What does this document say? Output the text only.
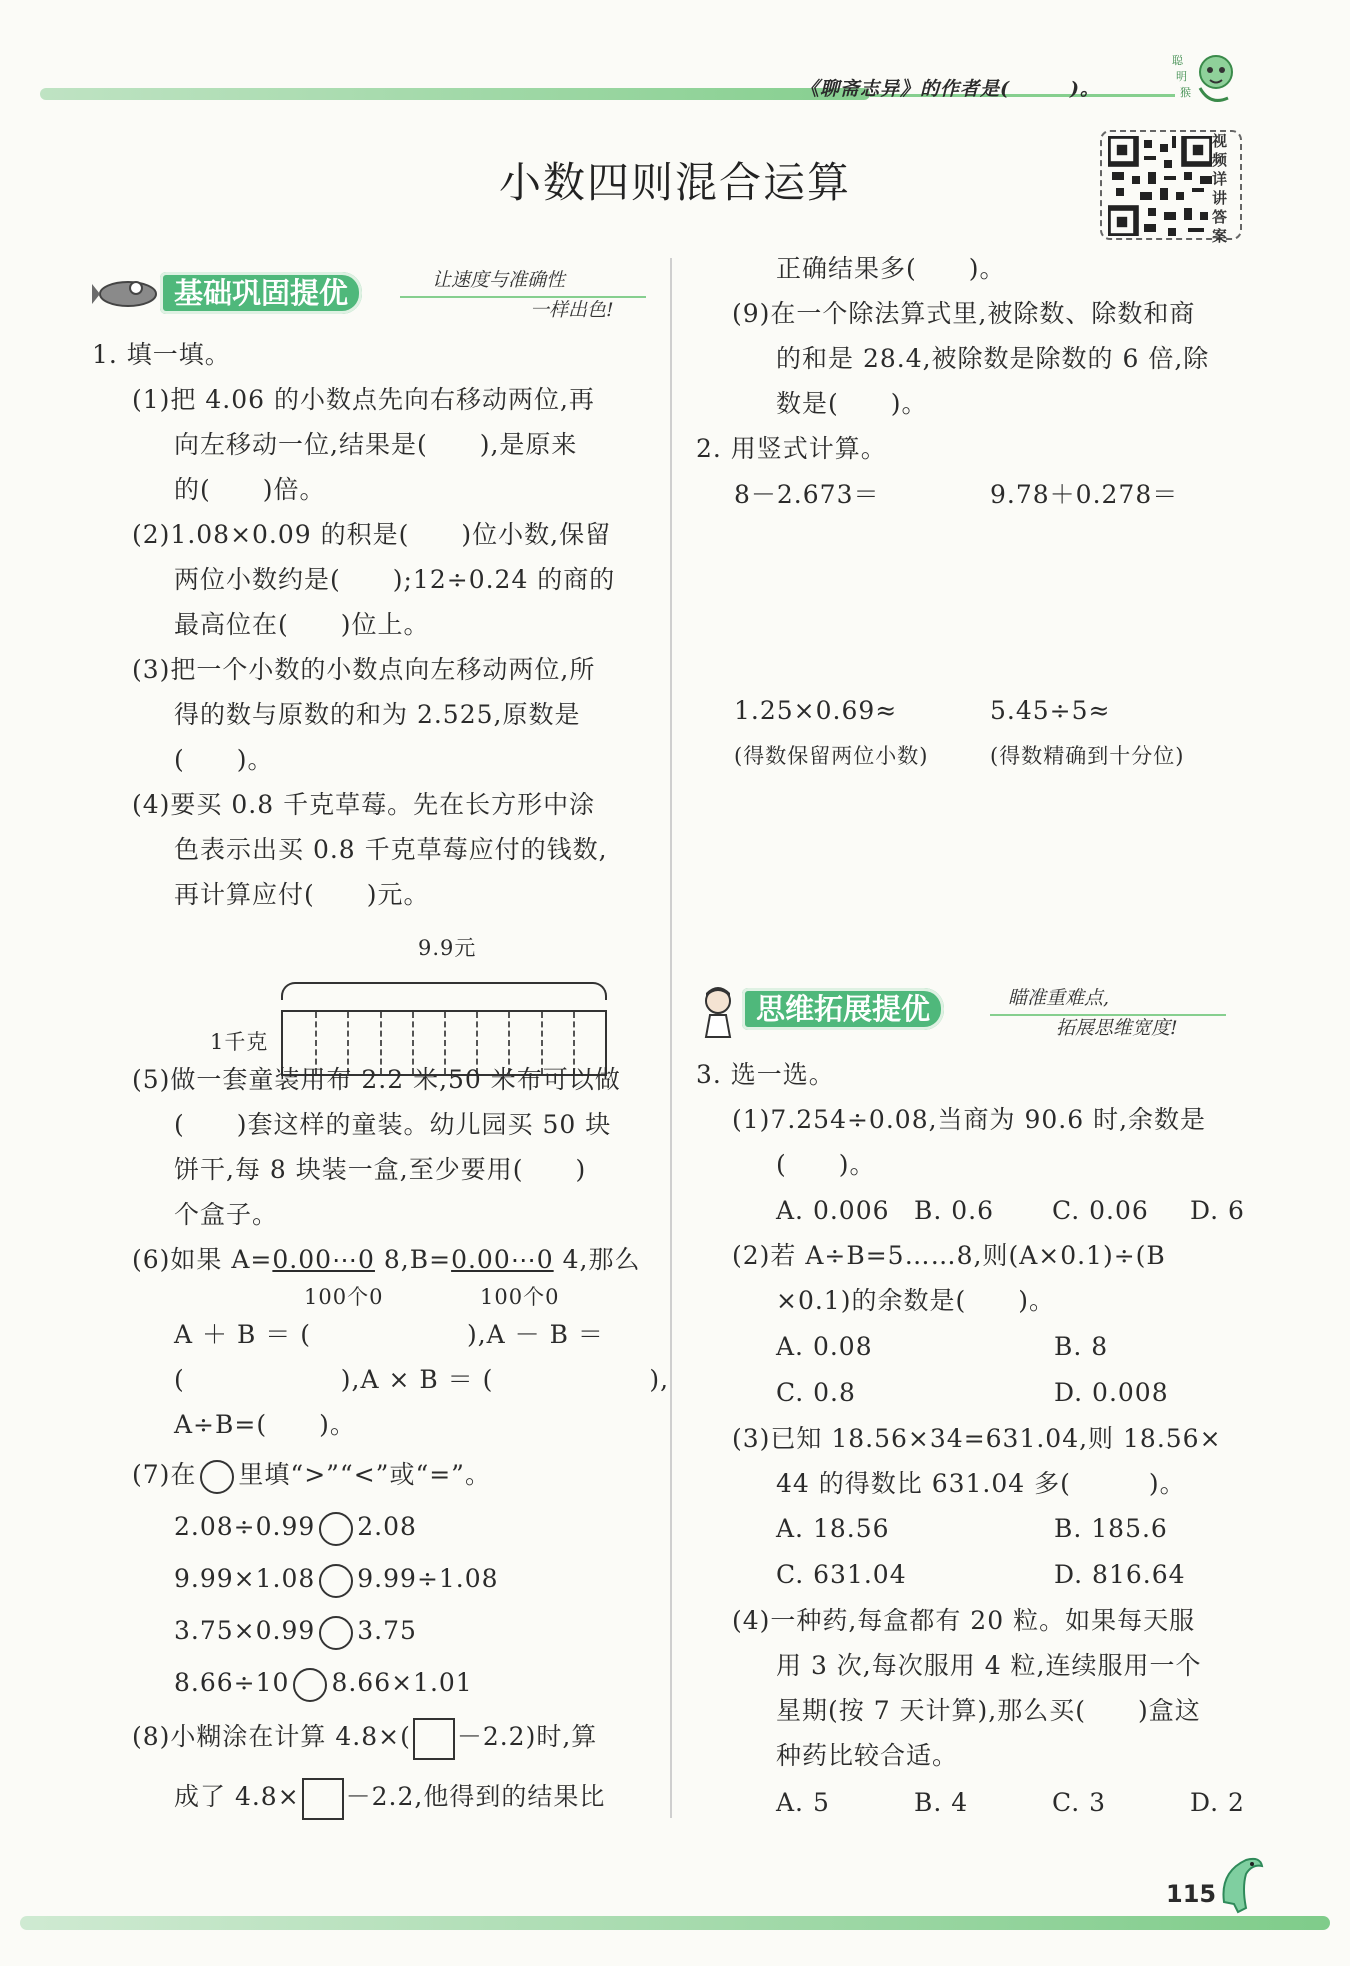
《聊斋志异》的作者是(　　　)。
聪
明
猴
小数四则混合运算
视频详讲答案
基础巩固提优	让速度与准确性
一样出色!
1. 填一填。
(1)把 4.06 的小数点先向右移动两位,再
向左移动一位,结果是(　　),是原来
的(　　)倍。
(2)1.08×0.09 的积是(　　)位小数,保留
两位小数约是(　　);12÷0.24 的商的
最高位在(　　)位上。
(3)把一个小数的小数点向左移动两位,所
得的数与原数的和为 2.525,原数是
(　　)。
(4)要买 0.8 千克草莓。先在长方形中涂
色表示出买 0.8 千克草莓应付的钱数,
再计算应付(　　)元。
9.9元
1千克
(5)做一套童装用布 2.2 米,50 米布可以做
(　　)套这样的童装。幼儿园买 50 块
饼干,每 8 块装一盒,至少要用(　　)
个盒子。
(6)如果 A=0.00⋯0 8,B=0.00⋯0 4,那么
100个0	100个0
A ＋ B ＝ (　　　　　　),A － B ＝
(　　　　　　),A × B ＝ (　　　　　　),
A÷B=(　　)。
(7)在 里填“>”“<”或“=”。
2.08÷0.99 2.08
9.99×1.08 9.99÷1.08
3.75×0.99 3.75
8.66÷10 8.66×1.01
(8)小糊涂在计算 4.8×( －2.2)时,算
成了 4.8× －2.2,他得到的结果比
正确结果多(　　)。
(9)在一个除法算式里,被除数、除数和商
的和是 28.4,被除数是除数的 6 倍,除
数是(　　)。
2. 用竖式计算。
8－2.673＝	9.78＋0.278＝
1.25×0.69≈	5.45÷5≈
(得数保留两位小数)	(得数精确到十分位)
思维拓展提优	瞄准重难点,
拓展思维宽度!
3. 选一选。
(1)7.254÷0.08,当商为 90.6 时,余数是
(　　)。
A. 0.006 B. 0.6 C. 0.06 D. 6
(2)若 A÷B=5……8,则(A×0.1)÷(B
×0.1)的余数是(　　)。
A. 0.08	B. 8
C. 0.8	D. 0.008
(3)已知 18.56×34=631.04,则 18.56×
44 的得数比 631.04 多(　　　)。
A. 18.56	B. 185.6
C. 631.04	D. 816.64
(4)一种药,每盒都有 20 粒。如果每天服
用 3 次,每次服用 4 粒,连续服用一个
星期(按 7 天计算),那么买(　　)盒这
种药比较合适。
A. 5	B. 4	C. 3	D. 2
115
